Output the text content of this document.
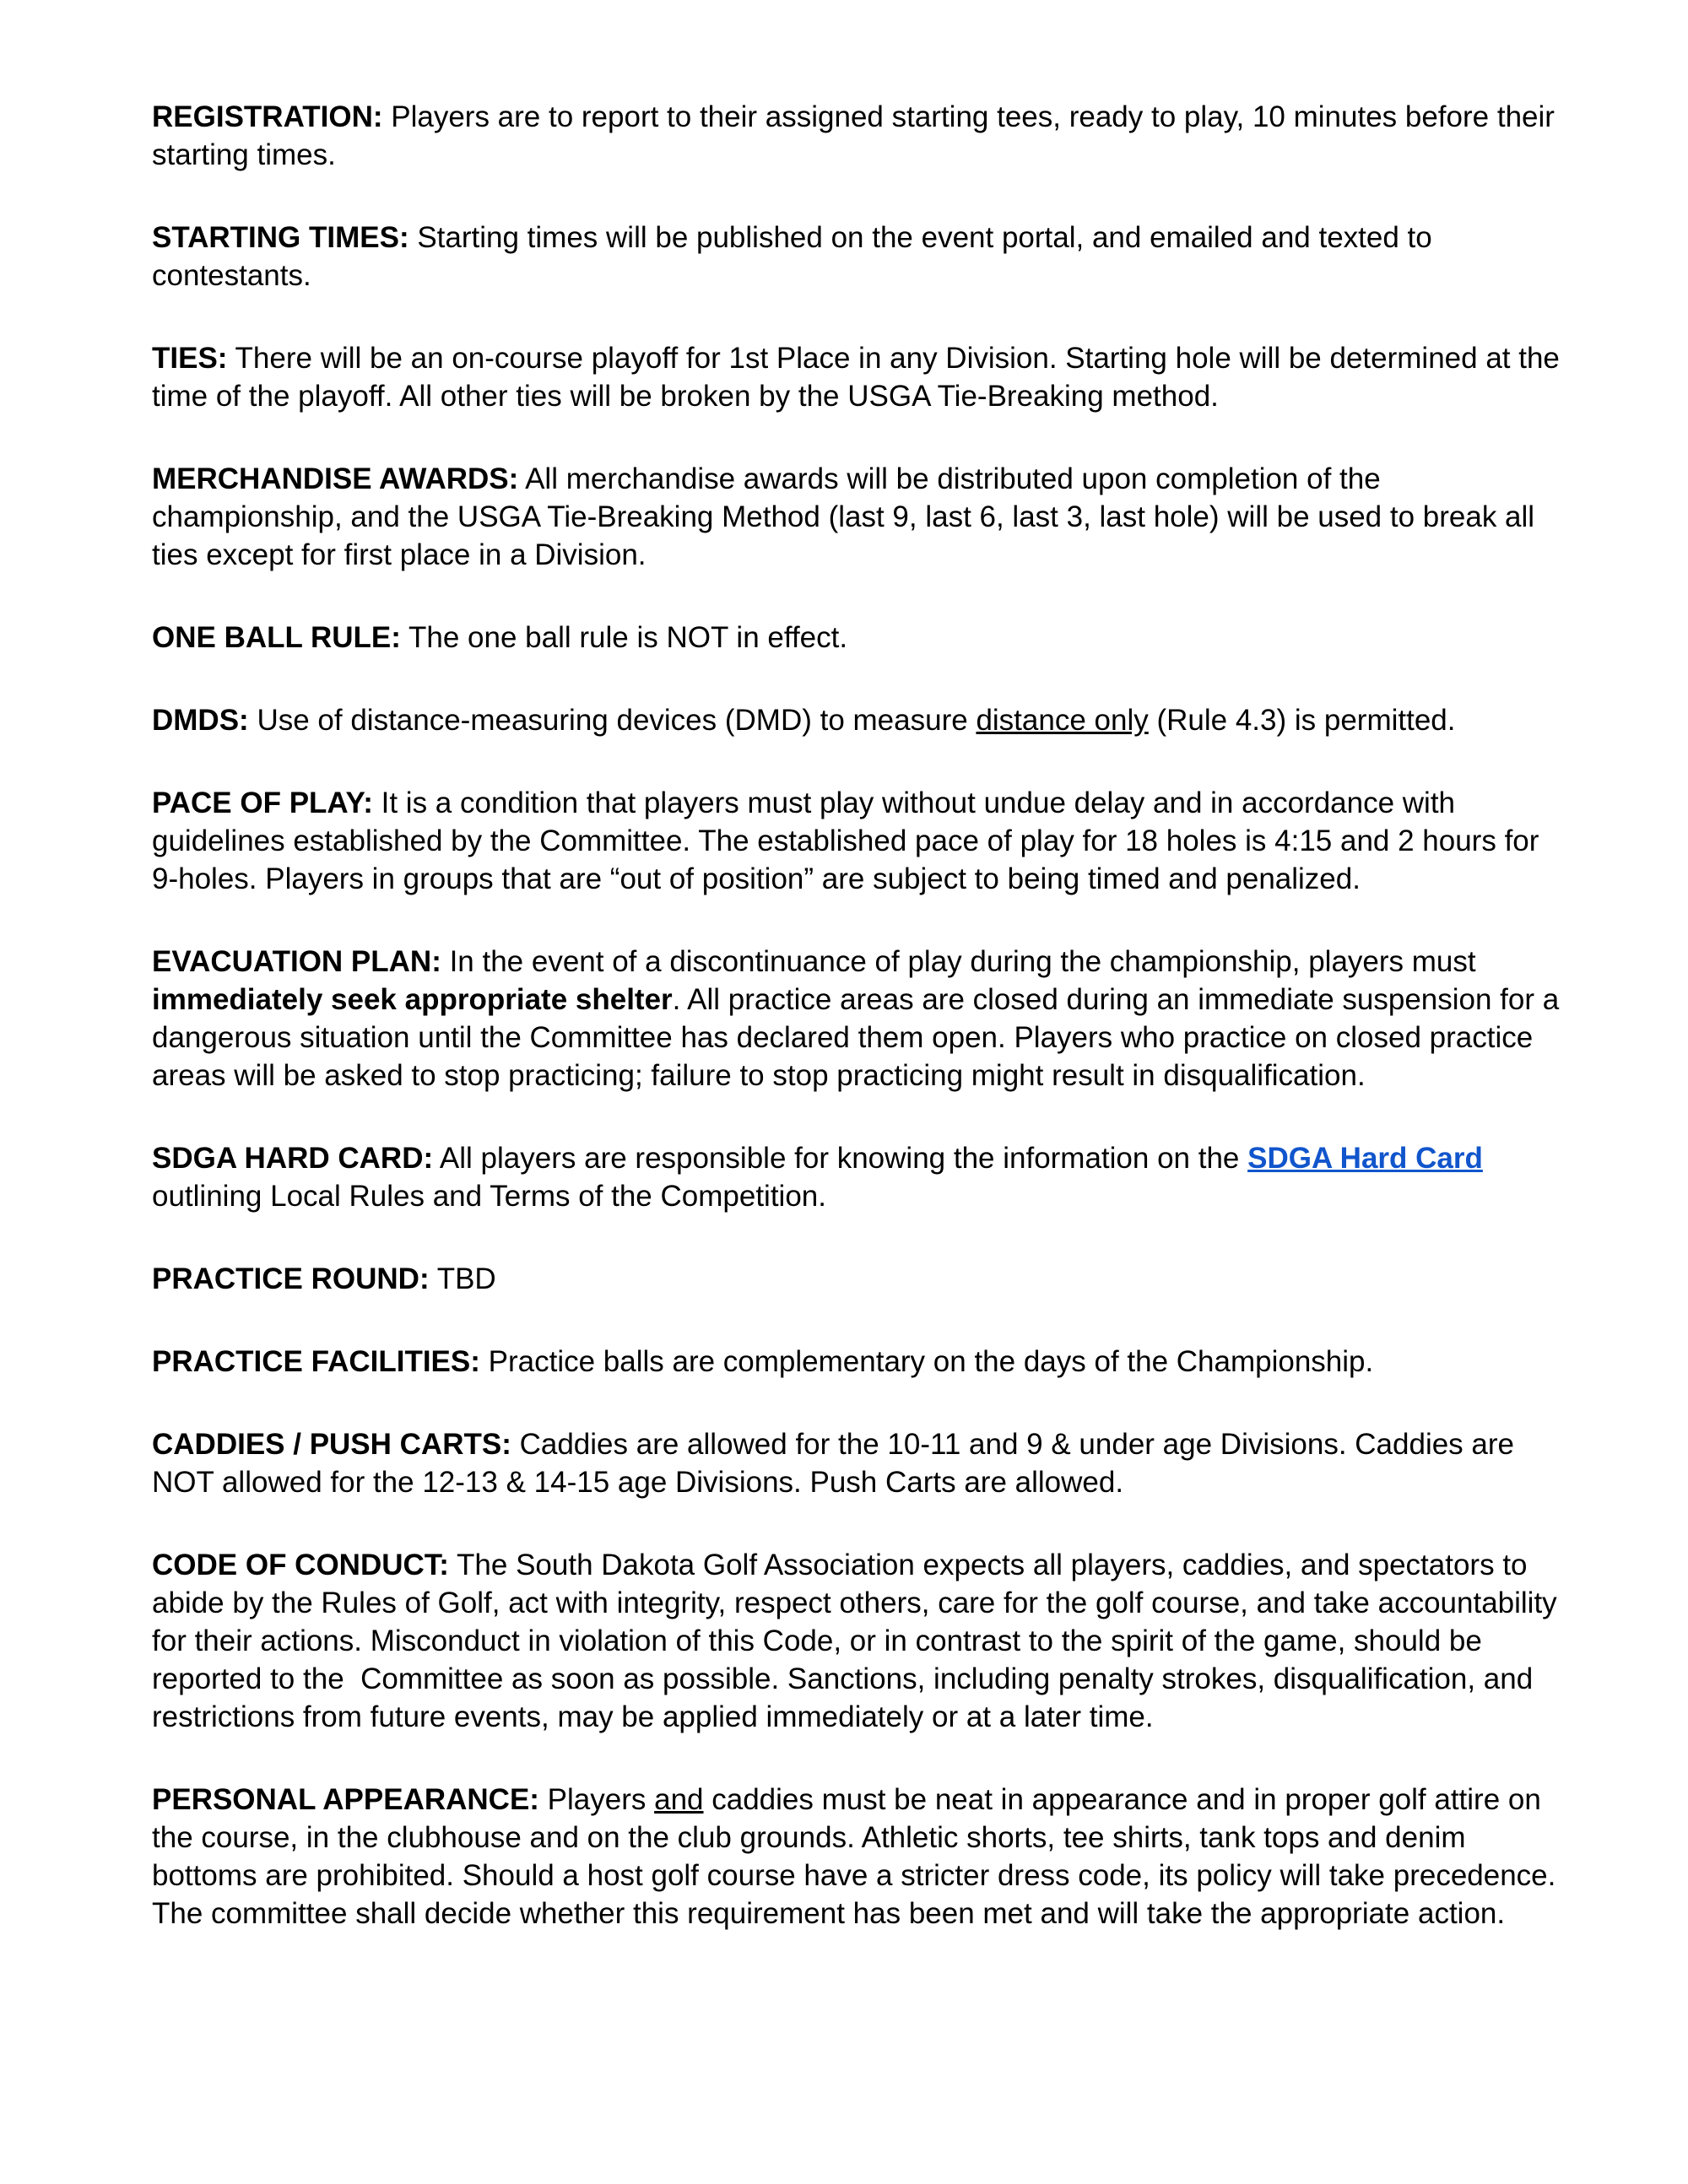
REGISTRATION: Players are to report to their assigned starting tees, ready to play, 10 minutes before their starting times.

STARTING TIMES: Starting times will be published on the event portal, and emailed and texted to contestants.

TIES: There will be an on-course playoff for 1st Place in any Division. Starting hole will be determined at the time of the playoff. All other ties will be broken by the USGA Tie-Breaking method.

MERCHANDISE AWARDS: All merchandise awards will be distributed upon completion of the championship, and the USGA Tie-Breaking Method (last 9, last 6, last 3, last hole) will be used to break all ties except for first place in a Division.

ONE BALL RULE: The one ball rule is NOT in effect.

DMDS: Use of distance-measuring devices (DMD) to measure distance only (Rule 4.3) is permitted.

PACE OF PLAY: It is a condition that players must play without undue delay and in accordance with guidelines established by the Committee. The established pace of play for 18 holes is 4:15 and 2 hours for 9-holes. Players in groups that are “out of position” are subject to being timed and penalized.

EVACUATION PLAN: In the event of a discontinuance of play during the championship, players must immediately seek appropriate shelter. All practice areas are closed during an immediate suspension for a dangerous situation until the Committee has declared them open. Players who practice on closed practice areas will be asked to stop practicing; failure to stop practicing might result in disqualification.

SDGA HARD CARD: All players are responsible for knowing the information on the SDGA Hard Card outlining Local Rules and Terms of the Competition.

PRACTICE ROUND: TBD

PRACTICE FACILITIES: Practice balls are complementary on the days of the Championship.

CADDIES / PUSH CARTS: Caddies are allowed for the 10-11 and 9 & under age Divisions. Caddies are NOT allowed for the 12-13 & 14-15 age Divisions. Push Carts are allowed.

CODE OF CONDUCT: The South Dakota Golf Association expects all players, caddies, and spectators to abide by the Rules of Golf, act with integrity, respect others, care for the golf course, and take accountability for their actions. Misconduct in violation of this Code, or in contrast to the spirit of the game, should be reported to the  Committee as soon as possible. Sanctions, including penalty strokes, disqualification, and restrictions from future events, may be applied immediately or at a later time.

PERSONAL APPEARANCE: Players and caddies must be neat in appearance and in proper golf attire on the course, in the clubhouse and on the club grounds. Athletic shorts, tee shirts, tank tops and denim bottoms are prohibited. Should a host golf course have a stricter dress code, its policy will take precedence. The committee shall decide whether this requirement has been met and will take the appropriate action.
